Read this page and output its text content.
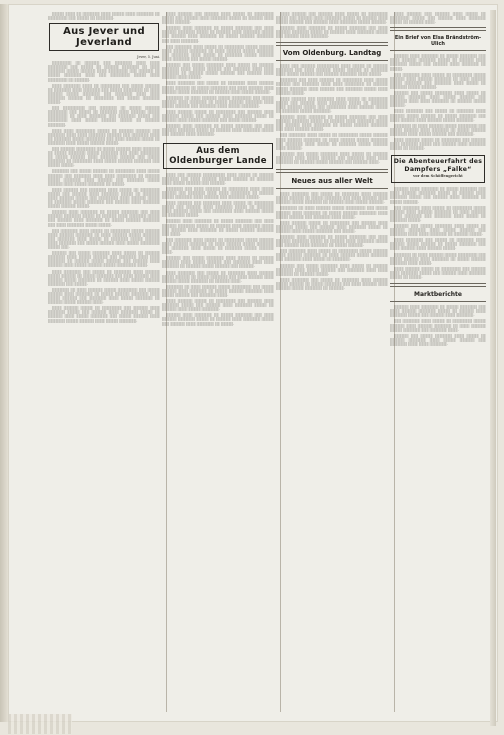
░░░░░ ░░░░ ░░ ░░░░░░░ ░░░░ ░░░░░ ░░░░ ░░░░░░░ ░░ ░░░░░░░░ ░░░ ░░░░░ ░░ ░░░░░░░.

Aus Jever und Jeverland
Jever, 5. Juni.

░░░░░░░░ ░░ ░░░░░░ ░░░ ░░░░░░░ ░░░░ ░░░░ ░░░░░░░░ ░░░ ░░░░░ ░░ ░░░░░░ ░░░░░░░ ░░ ░░░░ ░░░░░░░ ░░░░░ ░░░░░░ ░░░░ ░░░░░░░░ ░░░ ░░░░░░ ░░ ░░░░░ ░░░░░░░ ░░░░ ░░░ ░░░░░░░░ ░░░░░ ░░░░ ░░░░░░░░ ░░ ░░░░░░.

░░░░ ░░░░░░░ ░░░░ ░░ ░░░░░░░░ ░░░ ░░░░░ ░░░░░░ ░░ ░░░░░░░ ░░░░ ░░░░░░░ ░░░ ░░░░░ ░░░░░░░░ ░░ ░░░░ ░░░░░░ ░░░░░ ░░░░░░░ ░░░ ░░░░░░░ ░░░░ ░░░░ ░░░░░░░ ░░░░░░ ░░ ░░░░░░░░ ░░░ ░░░░░ ░░░░░░░ ░░░░░.

░░░ ░░░░░░░░░ ░░░ ░░░░░░░ ░░ ░░░░░ ░░░░░░ ░░░░░░░░ ░░░ ░░░░░ ░░ ░░░░░░░ ░░░░ ░░░░░░ ░░░░░ ░░░░░░░░ ░░ ░░░░ ░░░░░░░ ░░░ ░░░░░░░ ░░░░░ ░░░ ░░░░░░░░ ░░░░ ░░░░░ ░░░░░░ ░░░░░ ░░ ░░░░░░ ░░░░░░░.

░░░░ ░░░░ ░░░░░░░░ ░░░░░ ░░ ░░░░░░ ░░░░░░ ░░░ ░░░░░░░ ░░░░ ░░░░ ░░░░░░░ ░░░░░░ ░░░ ░░░░░░░ ░░░░ ░░ ░░░░░░░ ░░░░░ ░░░░░░░░ ░░░ ░░░░ ░░░░░░ ░░░░░ ░░ ░░░░░░░ ░░░░ ░░░░░ ░░░░░░ ░░░░░.

░░░ ░░░░░░ ░░░░░░░░ ░░ ░░░░░ ░░░░░░ ░░░░ ░░░░░░░ ░░ ░░░░░ ░░░░░░░ ░░░░░ ░░░░░░░ ░░░ ░░░░ ░░░░░░░░ ░░ ░░░░░ ░░░░░░ ░░░░ ░░░░░░░ ░░░░░░ ░░░ ░░░░░ ░░░░░░░ ░░ ░░░░░░░░ ░░░░ ░░░░░ ░░░░░░ ░░░░░░░ ░░░ ░░░░░ ░░░░░.

░░░░░░░ ░░░ ░░░░░ ░░░░░░ ░░ ░░░░░░░░ ░░░░ ░░░░░ ░░░░░░ ░░░ ░░░░░░░ ░░░░ ░░░░ ░░░░░░░░ ░░ ░░░░░░ ░░░░░ ░░░░░░░ ░░░░ ░░░░░░ ░░░ ░░░░░░░ ░░░░░ ░░░░░░ ░░░░ ░░░░░ ░░░░░░░ ░░ ░░░░░.

░░░░ ░░░░░░ ░░░ ░░░░░░░ ░░░░ ░░░░░ ░░ ░░░░░░░░ ░░░░░ ░░░ ░░░░░░ ░░░░ ░░░░░░░ ░░░░░ ░░ ░░░░░░░ ░░░░ ░░░░░░ ░░░░░ ░░░ ░░░░░░░░ ░░░░ ░░░░░░ ░░░░░ ░░ ░░░░░░░ ░░░░░ ░░░░░░░ ░░░ ░░░░░░ ░░░░ ░░░░░░░ ░░░░░ ░░░░░░ ░░░░░.

░░░░░░ ░░░░ ░░░░░░░ ░░ ░░░░░ ░░░░░░░ ░░░ ░░░░ ░░░░░░ ░░░░░░░ ░░░░░ ░░ ░░░░░░ ░░░░ ░░░░░░░ ░░░░░ ░░░ ░░░░░░ ░░░░ ░░░░░░░ ░░ ░░░░░ ░░░░░░ ░░░░░░░ ░░░ ░░░░ ░░░░░░░ ░░░░░ ░░░░░.

░░░ ░░░░░░░ ░░░░ ░░░░░ ░░ ░░░░░░░░ ░░░░░ ░░░░░░ ░░░░ ░░░░░░ ░░░░░░░ ░░ ░░░░ ░░░░░░ ░░░░░ ░░░░░░░ ░░░ ░░░░░░░ ░░░░ ░░░░░ ░░ ░░░░░░░ ░░░░░ ░░░░░░ ░░░░ ░░░░░░░ ░░░ ░░░░░ ░░░░░░ ░░░░ ░░░░░ ░░░░░░░░ ░░░░░ ░░░.

░░░░░░ ░░░ ░░░░░ ░░░░░░░ ░░░░ ░░░░░ ░░ ░░░░░░ ░░░░░░░ ░░░░ ░░░░░ ░░░░░░ ░░░ ░░░░░░░ ░░░░ ░░░░ ░░░░░░░ ░░ ░░░░░░ ░░░░░ ░░░░░░ ░░░ ░░░░░░ ░░░░ ░░░░░░ ░░░░ ░░░░░ ░░░░░░ ░░░░░ ░░░░░░░░ ░░░░.

░░░░ ░░░░░░░ ░░░ ░░░░░ ░░ ░░░░░░░ ░░░░ ░░░░░░ ░░░░░ ░░░░░░ ░░ ░░░░░ ░░░░░░░ ░░░ ░░░░ ░░░░░░ ░░░░ ░░░░░░ ░░░░░ ░░░░░░░ ░░ ░░░░░░ ░░░░ ░░░░░ ░░░░░░ ░░░░░░░ ░░░ ░░░░░.

░░░░░░░ ░░ ░░░░ ░░░░░░ ░░░░░ ░░░░░░░░ ░░░ ░░░░░ ░░░░░░ ░░░░ ░░░░░░░ ░░ ░░░░░ ░░░░░░ ░░░░░░░ ░░░░ ░░░░░ ░░░░░░ ░░░ ░░░░░░░ ░░░░ ░░░░░ ░░░░░░░ ░░ ░░░░░░ ░░░░░ ░░░░░░ ░░░░.

░░░░ ░░░░░░ ░░░░░ ░░ ░░░░░░░░ ░░░ ░░░░░░ ░░░░ ░░░░░░░ ░░░░░ ░░░ ░░░░░░ ░░░░ ░░░░░░░ ░░░░░ ░░ ░░░░░░ ░░░░ ░░░░░ ░░░░░░░ ░░░ ░░░░░ ░░░░░░ ░░░░ ░░░░░░░ ░░░░░ ░░░░░░ ░░░░ ░░░░░ ░░░░░░░.

░░░░ ░░░░░░ ░░░ ░░░░░░ ░░░░ ░░░░░ ░░ ░░░░░░░░ ░░░░░ ░░░ ░░░░░░ ░░░░ ░░░░░░░ ░░░░░ ░░ ░░░░░░ ░░░░ ░░░░░ ░░░░░░.

░░░░░░ ░░░░ ░░░░░░░ ░░ ░░░░░ ░░░░░░░ ░░░ ░░░░ ░░░░░░ ░░░░░░░ ░░░░░ ░░ ░░░░░░ ░░░░ ░░░░░░░ ░░░░░ ░░░ ░░░░░░ ░░░░ ░░░░░░░ ░░ ░░░░░ ░░░░░░ ░░░░░░░ ░░░ ░░░░ ░░░░░░░.

░░░ ░░░░░░░ ░░░░ ░░░░░ ░░ ░░░░░░░░ ░░░░░ ░░░░░░ ░░░░ ░░░░░░ ░░░░░░░ ░░ ░░░░ ░░░░░░ ░░░░░ ░░░░░░░ ░░░ ░░░░░░░ ░░░░ ░░░░░ ░░ ░░░░░░░ ░░░░░ ░░░░░░ ░░░░ ░░░░░░░ ░░░ ░░░░░ ░░░░░░.

░░░░░░ ░░░ ░░░░░ ░░░░░░░ ░░░░ ░░░░░ ░░ ░░░░░░ ░░░░░░░ ░░░░ ░░░░░ ░░░░░░ ░░░ ░░░░░░░ ░░░░ ░░░░ ░░░░░░░ ░░ ░░░░░░ ░░░░░ ░░░░░░ ░░░ ░░░░░░ ░░░░ ░░░░░░ ░░░░ ░░░░░.

░░░░ ░░░░░░░ ░░░ ░░░░░ ░░ ░░░░░░░ ░░░░ ░░░░░░ ░░░░░ ░░░░░░ ░░ ░░░░░ ░░░░░░░ ░░░ ░░░░ ░░░░░░ ░░░░ ░░░░░░ ░░░░░ ░░░░░░░ ░░ ░░░░░░ ░░░░ ░░░░░ ░░░░░░.

░░░░░░░ ░░ ░░░░ ░░░░░░ ░░░░░ ░░░░░░░░ ░░░ ░░░░░ ░░░░░░ ░░░░ ░░░░░░░ ░░ ░░░░░ ░░░░░░ ░░░░░░░ ░░░░ ░░░░░ ░░░░░░ ░░░ ░░░░░░░ ░░░░ ░░░░░ ░░░░░░░.

░░░░ ░░░░░░ ░░░░░ ░░ ░░░░░░░░ ░░░ ░░░░░░ ░░░░ ░░░░░░░ ░░░░░ ░░░ ░░░░░░ ░░░░ ░░░░░░░ ░░░░░ ░░ ░░░░░░ ░░░░ ░░░░░ ░░░░░░░ ░░░ ░░░░░ ░░░░░░.

░░░░░░ ░░░░ ░░░░░░░ ░░ ░░░░░ ░░░░░░░ ░░░ ░░░░ ░░░░░░ ░░░░░░░ ░░░░░ ░░ ░░░░░░ ░░░░ ░░░░░░░ ░░░░░ ░░░ ░░░░░░ ░░░░ ░░░░░░░.

Aus dem Oldenburger Lande

░░░░ ░░░ ░░░░░░ ░░░░░░░░░ ░░░░ ░░░░░ ░░ ░░░░░░ ░░░░░░░ ░░░ ░░░░ ░░░░░░ ░░░░░ ░░░░░░ ░░ ░░░░░░░ ░░░░ ░░░░░ ░░░░░░ ░░░ ░░░░░░.

░░░░░░░ ░░░ ░░░░ ░░░░░░ ░░ ░░░░░░░░ ░░░░ ░░░░░ ░░░░░░ ░░░ ░░░░░░░ ░░░░ ░░░░ ░░░░░░░░ ░░ ░░░░░░ ░░░░░ ░░░░░░░ ░░░░ ░░░░░░ ░░░ ░░░░░░░ ░░░░░.

░░░░ ░░░░░░ ░░░ ░░░░░░░ ░░░░ ░░░░░ ░░ ░░░░░░░░ ░░░░░ ░░░ ░░░░░░ ░░░░ ░░░░░░░ ░░░░░ ░░ ░░░░░░░ ░░░░ ░░░░░░ ░░░░░ ░░░ ░░░░░░░░ ░░░░ ░░░░░░ ░░░░░ ░░ ░░░░░░░ ░░░░░.

░░░░░░ ░░░░ ░░░░░░░ ░░ ░░░░░ ░░░░░░░ ░░░ ░░░░ ░░░░░░ ░░░░░░░ ░░░░░ ░░ ░░░░░░ ░░░░ ░░░░░░░ ░░░░░ ░░░ ░░░░░░ ░░░░ ░░░░░░░ ░░ ░░░░░ ░░░░░░ ░░░░░░░ ░░░ ░░░░.

░░░ ░░░░░░░ ░░░░ ░░░░░ ░░ ░░░░░░░░ ░░░░░ ░░░░░░ ░░░░ ░░░░░░ ░░░░░░░ ░░ ░░░░ ░░░░░░ ░░░░░ ░░░░░░░ ░░░ ░░░░░░░ ░░░░ ░░░░░ ░░ ░░░░░░░ ░░░░░ ░░░░░░ ░░░░.

░░░░░░ ░░░ ░░░░░ ░░░░░░░ ░░░░ ░░░░░ ░░ ░░░░░░ ░░░░░░░ ░░░░ ░░░░░ ░░░░░░ ░░░ ░░░░░░░ ░░░░ ░░░░ ░░░░░░░ ░░ ░░░░░░ ░░░░░ ░░░░░░ ░░░ ░░░░░░.

░░░░ ░░░░░░░ ░░░ ░░░░░ ░░ ░░░░░░░ ░░░░ ░░░░░░ ░░░░░ ░░░░░░ ░░ ░░░░░ ░░░░░░░ ░░░ ░░░░ ░░░░░░ ░░░░ ░░░░░░ ░░░░░ ░░░░░░░ ░░ ░░░░░░ ░░░░.

░░░░░░░ ░░ ░░░░ ░░░░░░ ░░░░░ ░░░░░░░░ ░░░ ░░░░░ ░░░░░░ ░░░░ ░░░░░░░ ░░ ░░░░░ ░░░░░░ ░░░░░░░ ░░░░ ░░░░░ ░░░░░░ ░░░ ░░░░░░░ ░░░░.

░░░░ ░░░░░░ ░░░░░ ░░ ░░░░░░░░ ░░░ ░░░░░░ ░░░░ ░░░░░░░ ░░░░░ ░░░ ░░░░░░ ░░░░ ░░░░░░░ ░░░░░ ░░ ░░░░░░ ░░░░ ░░░░░ ░░░░░░░.

░░░░░░ ░░░░ ░░░░░░░ ░░ ░░░░░ ░░░░░░░ ░░░ ░░░░ ░░░░░░ ░░░░░░░ ░░░░░ ░░ ░░░░░░ ░░░░ ░░░░░░░ ░░░░░ ░░░ ░░░░░░ ░░░░ ░░░░░░░ ░░ ░░░░░.

░░░░ ░░░░░░ ░░░ ░░░░░░ ░░░░ ░░░░░ ░░ ░░░░░░░░ ░░░░░ ░░░ ░░░░░░ ░░░░ ░░░░░░░ ░░░░░ ░░ ░░░░░░ ░░░░ ░░░░░ ░░░░░░ ░░░ ░░░░░░ ░░░░ ░░░░░░░ ░░░░░ ░░░░░░.

░░░░░░ ░░░░ ░░░░░░░ ░░ ░░░░░ ░░░░░░░ ░░░ ░░░░ ░░░░░░ ░░░░░░░ ░░░░░ ░░ ░░░░░░ ░░░░ ░░░░░░░ ░░░░░ ░░░ ░░░░░░ ░░░░ ░░░░░░░.

Vom Oldenburg. Landtag

░░░░ ░░░ ░░░░░░ ░░░░░░░░░ ░░░░ ░░░░░ ░░ ░░░░░░ ░░░░░░░ ░░░ ░░░░ ░░░░░░ ░░░░░ ░░░░░░ ░░ ░░░░░░░ ░░░░ ░░░░░ ░░░░░░ ░░░ ░░░░░░ ░░░░░░░ ░░░░ ░░░░░.

░░░░░░░ ░░░ ░░░░ ░░░░░░ ░░ ░░░░░░░░ ░░░░ ░░░░░ ░░░░░░ ░░░ ░░░░░░░ ░░░░ ░░░░ ░░░░░░░░ ░░ ░░░░░░ ░░░░░ ░░░░░░░ ░░░░ ░░░░░░ ░░░ ░░░░░░░ ░░░░░ ░░░░ ░░░░░░ ░░░░░.

░░░░ ░░░░░░ ░░░ ░░░░░░░ ░░░░ ░░░░░ ░░ ░░░░░░░░ ░░░░░ ░░░ ░░░░░░ ░░░░ ░░░░░░░ ░░░░░ ░░ ░░░░░░░ ░░░░ ░░░░░░ ░░░░░ ░░░ ░░░░░░░░ ░░░░ ░░░░░░ ░░░░░ ░░ ░░░░░░░ ░░░░░ ░░░░░░░.

░░░░░░ ░░░░ ░░░░░░░ ░░ ░░░░░ ░░░░░░░ ░░░ ░░░░ ░░░░░░ ░░░░░░░ ░░░░░ ░░ ░░░░░░ ░░░░ ░░░░░░░ ░░░░░ ░░░ ░░░░░░ ░░░░ ░░░░░░░ ░░ ░░░░░ ░░░░░░ ░░░░░░░ ░░░ ░░░░ ░░░░░░ ░░░░░.

░░░ ░░░░░░░ ░░░░ ░░░░░ ░░ ░░░░░░░░ ░░░░░ ░░░░░░ ░░░░ ░░░░░░ ░░░░░░░ ░░ ░░░░ ░░░░░░ ░░░░░ ░░░░░░░ ░░░ ░░░░░░░ ░░░░ ░░░░░ ░░ ░░░░░░░ ░░░░░ ░░░░░░ ░░░░ ░░░░░░.

░░░░░░ ░░░ ░░░░░ ░░░░░░░ ░░░░ ░░░░░ ░░ ░░░░░░ ░░░░░░░ ░░░░ ░░░░░ ░░░░░░ ░░░ ░░░░░░░ ░░░░ ░░░░ ░░░░░░░ ░░ ░░░░░░ ░░░░░ ░░░░░░ ░░░ ░░░░░░ ░░░░.

Neues aus aller Welt

░░░░ ░░░░░░░ ░░░ ░░░░░ ░░ ░░░░░░░ ░░░░ ░░░░░░ ░░░░░ ░░░░░░ ░░ ░░░░░ ░░░░░░░ ░░░ ░░░░ ░░░░░░ ░░░░ ░░░░░░ ░░░░░ ░░░░░░░ ░░ ░░░░░░ ░░░░ ░░░░░ ░░░░░░.

░░░░░░░ ░░ ░░░░ ░░░░░░ ░░░░░ ░░░░░░░░ ░░░ ░░░░░ ░░░░░░ ░░░░ ░░░░░░░ ░░ ░░░░░ ░░░░░░ ░░░░░░░ ░░░░ ░░░░░ ░░░░░░ ░░░ ░░░░░░░ ░░░░ ░░░░░.

░░░░ ░░░░░░ ░░░░░ ░░ ░░░░░░░░ ░░░ ░░░░░░ ░░░░ ░░░░░░░ ░░░░░ ░░░ ░░░░░░ ░░░░ ░░░░░░░ ░░░░░ ░░ ░░░░░░ ░░░░ ░░░░░ ░░░░░░░ ░░░ ░░░░░.

░░░░░░ ░░░░ ░░░░░░░ ░░ ░░░░░ ░░░░░░░ ░░░ ░░░░ ░░░░░░ ░░░░░░░ ░░░░░ ░░ ░░░░░░ ░░░░ ░░░░░░░ ░░░░░ ░░░ ░░░░░░ ░░░░ ░░░░░░░ ░░ ░░░░░ ░░░░░░.

░░░ ░░░░░░░ ░░░░ ░░░░░ ░░ ░░░░░░░░ ░░░░░ ░░░░░░ ░░░░ ░░░░░░ ░░░░░░░ ░░ ░░░░ ░░░░░░ ░░░░░ ░░░░░░░ ░░░ ░░░░░░░ ░░░░ ░░░░░ ░░ ░░░░░░░.

░░░░░░ ░░░ ░░░░░ ░░░░░░░ ░░░░ ░░░░░ ░░ ░░░░░░ ░░░░░░░ ░░░░ ░░░░░ ░░░░░░ ░░░ ░░░░░░░ ░░░░ ░░░░ ░░░░░░░ ░░ ░░░░░░ ░░░░░.

░░░░ ░░░░░░░ ░░░ ░░░░░ ░░ ░░░░░░░ ░░░░ ░░░░░░ ░░░░░ ░░░░░░ ░░ ░░░░░ ░░░░░░░ ░░░ ░░░░ ░░░░░░ ░░░░ ░░░░░░ ░░░░░ ░░░░░░░ ░░ ░░░░░░.

░░░░ ░░░░░░ ░░░ ░░░░░░ ░░░░ ░░░░░ ░░ ░░░░░░░░ ░░░░░ ░░░ ░░░░░░ ░░░░ ░░░░░░░ ░░░░░ ░░ ░░░░░░ ░░░░.

Ein Brief von Elsa Brändström-Ulich

░░░░░░ ░░░░ ░░░░░░░ ░░ ░░░░░ ░░░░░░░ ░░░ ░░░░ ░░░░░░ ░░░░░░░ ░░░░░ ░░ ░░░░░░ ░░░░ ░░░░░░░ ░░░░░ ░░░ ░░░░░░ ░░░░ ░░░░░░░ ░░ ░░░░░.

░░░ ░░░░░░░ ░░░░ ░░░░░ ░░ ░░░░░░░░ ░░░░░ ░░░░░░ ░░░░ ░░░░░░ ░░░░░░░ ░░ ░░░░ ░░░░░░ ░░░░░ ░░░░░░░ ░░░ ░░░░░░░ ░░░░ ░░░░░ ░░ ░░░░░░░ ░░░░░ ░░░░░░.

░░░░░░ ░░░ ░░░░░ ░░░░░░░ ░░░░ ░░░░░ ░░ ░░░░░░ ░░░░░░░ ░░░░ ░░░░░ ░░░░░░ ░░░ ░░░░░░░ ░░░░ ░░░░ ░░░░░░░ ░░ ░░░░░░ ░░░░░ ░░░░░░.

░░░░ ░░░░░░░ ░░░ ░░░░░ ░░ ░░░░░░░ ░░░░ ░░░░░░ ░░░░░ ░░░░░░ ░░ ░░░░░ ░░░░░░░ ░░░ ░░░░ ░░░░░░ ░░░░ ░░░░░░ ░░░░░ ░░░░░░░.

░░░░░░░ ░░ ░░░░ ░░░░░░ ░░░░░ ░░░░░░░░ ░░░ ░░░░░ ░░░░░░ ░░░░ ░░░░░░░ ░░ ░░░░░ ░░░░░░ ░░░░░░░ ░░░░ ░░░░░ ░░░░░░ ░░░ ░░░░░░░.

░░░░ ░░░░░░ ░░░░░ ░░ ░░░░░░░░ ░░░ ░░░░░░ ░░░░ ░░░░░░░ ░░░░░ ░░░ ░░░░░░ ░░░░ ░░░░░░░ ░░░░░ ░░ ░░░░░░.

Die Abenteuerfahrt des Dampfers „Falke“
vor dem Schöffengericht

░░░░░░ ░░░░ ░░░░░░░ ░░ ░░░░░ ░░░░░░░ ░░░ ░░░░ ░░░░░░ ░░░░░░░ ░░░░░ ░░ ░░░░░░ ░░░░ ░░░░░░░ ░░░░░ ░░░ ░░░░░░ ░░░░ ░░░░░░░ ░░ ░░░░░ ░░░░░░.

░░░ ░░░░░░░ ░░░░ ░░░░░ ░░ ░░░░░░░░ ░░░░░ ░░░░░░ ░░░░ ░░░░░░ ░░░░░░░ ░░ ░░░░ ░░░░░░ ░░░░░ ░░░░░░░ ░░░ ░░░░░░░ ░░░░ ░░░░░ ░░ ░░░░░░░ ░░░░░.

░░░░░░ ░░░ ░░░░░ ░░░░░░░ ░░░░ ░░░░░ ░░ ░░░░░░ ░░░░░░░ ░░░░ ░░░░░ ░░░░░░ ░░░ ░░░░░░░ ░░░░ ░░░░ ░░░░░░░ ░░ ░░░░░░ ░░░░░.

░░░░ ░░░░░░░ ░░░ ░░░░░ ░░ ░░░░░░░ ░░░░ ░░░░░░ ░░░░░ ░░░░░░ ░░ ░░░░░ ░░░░░░░ ░░░ ░░░░ ░░░░░░ ░░░░ ░░░░░░ ░░░░░.

░░░░░░░ ░░ ░░░░ ░░░░░░ ░░░░░ ░░░░░░░░ ░░░ ░░░░░ ░░░░░░ ░░░░ ░░░░░░░ ░░ ░░░░░ ░░░░░░ ░░░░░░░ ░░░░ ░░░░░.

░░░░ ░░░░░░ ░░░░░ ░░ ░░░░░░░░ ░░░ ░░░░░░ ░░░░ ░░░░░░░ ░░░░░ ░░░ ░░░░░░ ░░░░ ░░░░░░░ ░░░░░ ░░ ░░░░░.

Marktberichte

░░░░░░ ░░░░ ░░░░░░░ ░░ ░░░░░ ░░░░░░░ ░░░ ░░░░ ░░░░░░ ░░░░░░░ ░░░░░ ░░ ░░░░░░ ░░░░ ░░░░░░░ ░░░░░ ░░░ ░░░░░░ ░░░░ ░░░░░░░.

░░░ ░░░░░░░ ░░░░ ░░░░░ ░░ ░░░░░░░░ ░░░░░ ░░░░░░ ░░░░ ░░░░░░ ░░░░░░░ ░░ ░░░░ ░░░░░░ ░░░░░ ░░░░░░░ ░░░ ░░░░░░░ ░░░░.

░░░░░░ ░░░ ░░░░░ ░░░░░░░ ░░░░ ░░░░░ ░░ ░░░░░░ ░░░░░░░ ░░░░ ░░░░░ ░░░░░░ ░░░ ░░░░░░░ ░░░░ ░░░░ ░░░░░░░.
